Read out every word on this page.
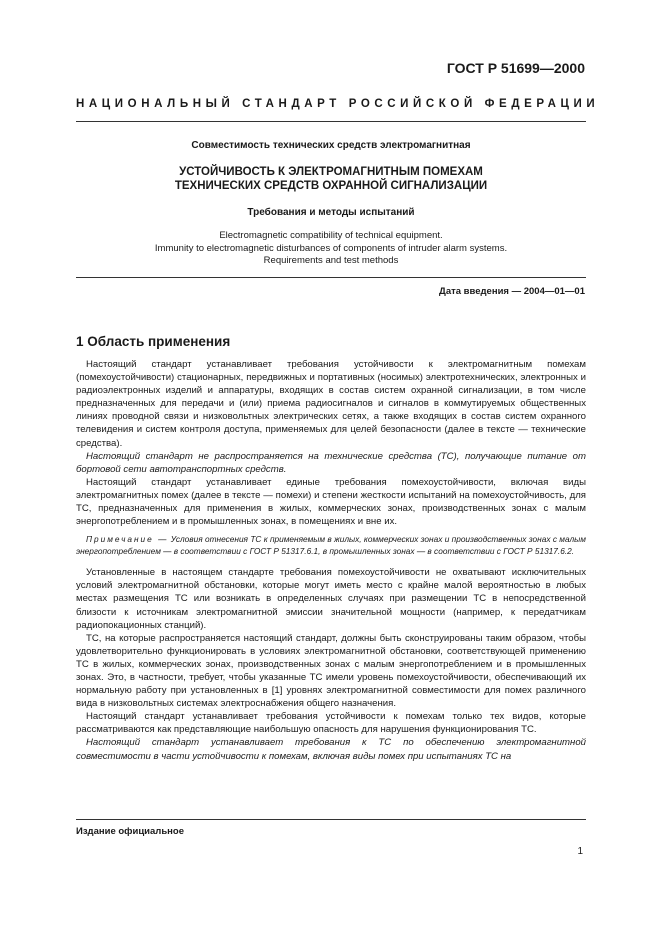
ГОСТ Р 51699—2000
НАЦИОНАЛЬНЫЙ СТАНДАРТ РОССИЙСКОЙ ФЕДЕРАЦИИ
Совместимость технических средств электромагнитная
УСТОЙЧИВОСТЬ К ЭЛЕКТРОМАГНИТНЫМ ПОМЕХАМ
ТЕХНИЧЕСКИХ СРЕДСТВ ОХРАННОЙ СИГНАЛИЗАЦИИ
Требования и методы испытаний
Electromagnetic compatibility of technical equipment.
Immunity to electromagnetic disturbances of components of intruder alarm systems.
Requirements and test methods
Дата введения — 2004—01—01
1 Область применения

Настоящий стандарт устанавливает требования устойчивости к электромагнитным помехам (помехоустойчивости) стационарных, передвижных и портативных (носимых) электротехнических, электронных и радиоэлектронных изделий и аппаратуры, входящих в состав систем охранной сигнализации, в том числе предназначенных для передачи и (или) приема радиосигналов и сигналов в коммутируемых общественных линиях проводной связи и низковольтных электрических сетях, а также входящих в состав систем охранного телевидения и систем контроля доступа, применяемых для целей безопасности (далее в тексте — технические средства).

Настоящий стандарт не распространяется на технические средства (ТС), получающие питание от бортовой сети автотранспортных средств.

Настоящий стандарт устанавливает единые требования помехоустойчивости, включая виды электромагнитных помех (далее в тексте — помехи) и степени жесткости испытаний на помехоустойчивость, для ТС, предназначенных для применения в жилых, коммерческих зонах, производственных зонах с малым энергопотреблением и в промышленных зонах, в помещениях и вне их.

Примечание — Условия отнесения ТС к применяемым в жилых, коммерческих зонах и производственных зонах с малым энергопотреблением — в соответствии с ГОСТ Р 51317.6.1, в промышленных зонах — в соответствии с ГОСТ Р 51317.6.2.

Установленные в настоящем стандарте требования помехоустойчивости не охватывают исключительных условий электромагнитной обстановки, которые могут иметь место с крайне малой вероятностью в любых местах размещения ТС или возникать в определенных случаях при размещении ТС в непосредственной близости к источникам электромагнитной эмиссии значительной мощности (например, к передатчикам радиопокационных станций).

ТС, на которые распространяется настоящий стандарт, должны быть сконструированы таким образом, чтобы удовлетворительно функционировать в условиях электромагнитной обстановки, соответствующей применению ТС в жилых, коммерческих зонах, производственных зонах с малым энергопотреблением и в промышленных зонах. Это, в частности, требует, чтобы указанные ТС имели уровень помехоустойчивости, обеспечивающий их нормальную работу при установленных в [1] уровнях электромагнитной совместимости для помех различного вида в низковольтных системах электроснабжения общего назначения.

Настоящий стандарт устанавливает требования устойчивости к помехам только тех видов, которые рассматриваются как представляющие наибольшую опасность для нарушения функционирования ТС.

Настоящий стандарт устанавливает требования к ТС по обеспечению электромагнитной совместимости в части устойчивости к помехам, включая виды помех при испытаниях ТС на

Издание официальное
1
